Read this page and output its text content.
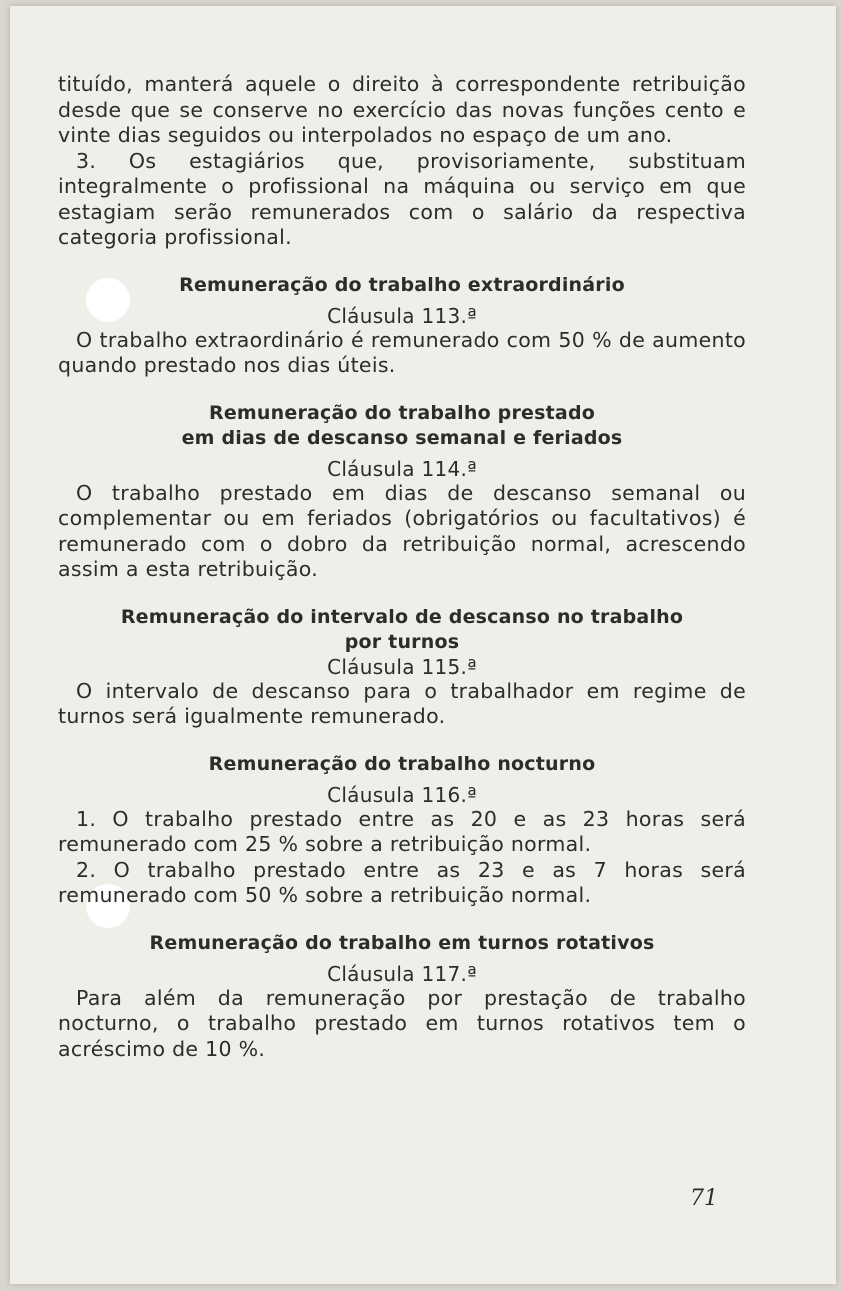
tituído, manterá aquele o direito à correspondente retribuição desde que se conserve no exercício das novas funções cento e vinte dias seguidos ou interpolados no espaço de um ano.

3. Os estagiários que, provisoriamente, substituam integralmente o profissional na máquina ou serviço em que estagiam serão remunerados com o salário da respectiva categoria profissional.

Remuneração do trabalho extraordinário

Cláusula 113.ª

O trabalho extraordinário é remunerado com 50 % de aumento quando prestado nos dias úteis.

Remuneração do trabalho prestado

em dias de descanso semanal e feriados

Cláusula 114.ª

O trabalho prestado em dias de descanso semanal ou complementar ou em feriados (obrigatórios ou facultativos) é remunerado com o dobro da retribuição normal, acrescendo assim a esta retribuição.

Remuneração do intervalo de descanso no trabalho

por turnos

Cláusula 115.ª

O intervalo de descanso para o trabalhador em regime de turnos será igualmente remunerado.

Remuneração do trabalho nocturno

Cláusula 116.ª

1. O trabalho prestado entre as 20 e as 23 horas será remunerado com 25 % sobre a retribuição normal.

2. O trabalho prestado entre as 23 e as 7 horas será remunerado com 50 % sobre a retribuição normal.

Remuneração do trabalho em turnos rotativos

Cláusula 117.ª

Para além da remuneração por prestação de trabalho nocturno, o trabalho prestado em turnos rotativos tem o acréscimo de 10 %.

71
